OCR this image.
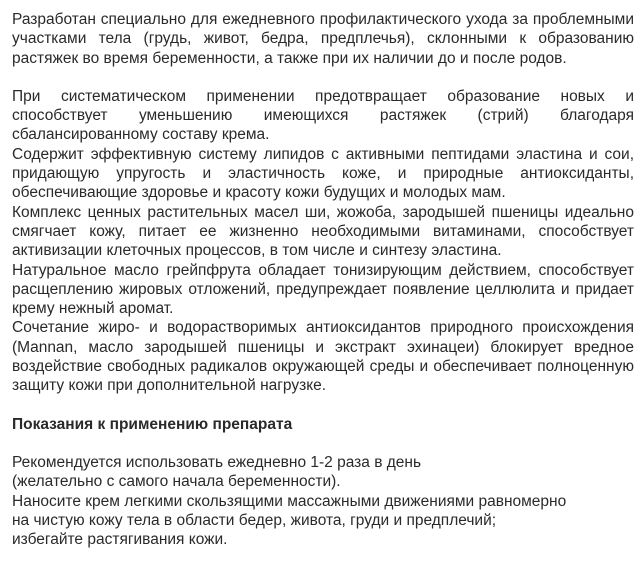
Разработан специально для ежедневного профилактического ухода за проблемными участками тела (грудь, живот, бедра, предплечья), склонными к образованию растяжек во время беременности, а также при их наличии до и после родов.

При систематическом применении предотвращает образование новых и способствует уменьшению имеющихся растяжек (стрий) благодаря сбалансированному составу крема.

Содержит эффективную систему липидов с активными пептидами эластина и сои, придающую упругость и эластичность коже, и природные антиоксиданты, обеспечивающие здоровье и красоту кожи будущих и молодых мам.

Комплекс ценных растительных масел ши, жожоба, зародышей пшеницы идеально смягчает кожу, питает ее жизненно необходимыми витаминами, способствует активизации клеточных процессов, в том числе и синтезу эластина.

Натуральное масло грейпфрута обладает тонизирующим действием, способствует расщеплению жировых отложений, предупреждает появление целлюлита и придает крему нежный аромат.

Сочетание жиро- и водорастворимых антиоксидантов природного происхождения (Mannan, масло зародышей пшеницы и экстракт эхинацеи) блокирует вредное воздействие свободных радикалов окружающей среды и обеспечивает полноценную защиту кожи при дополнительной нагрузке.

Показания к применению препарата

Рекомендуется использовать ежедневно 1-2 раза в день

(желательно с самого начала беременности).

Наносите крем легкими скользящими массажными движениями равномерно

на чистую кожу тела в области бедер, живота, груди и предплечий;

избегайте растягивания кожи.
